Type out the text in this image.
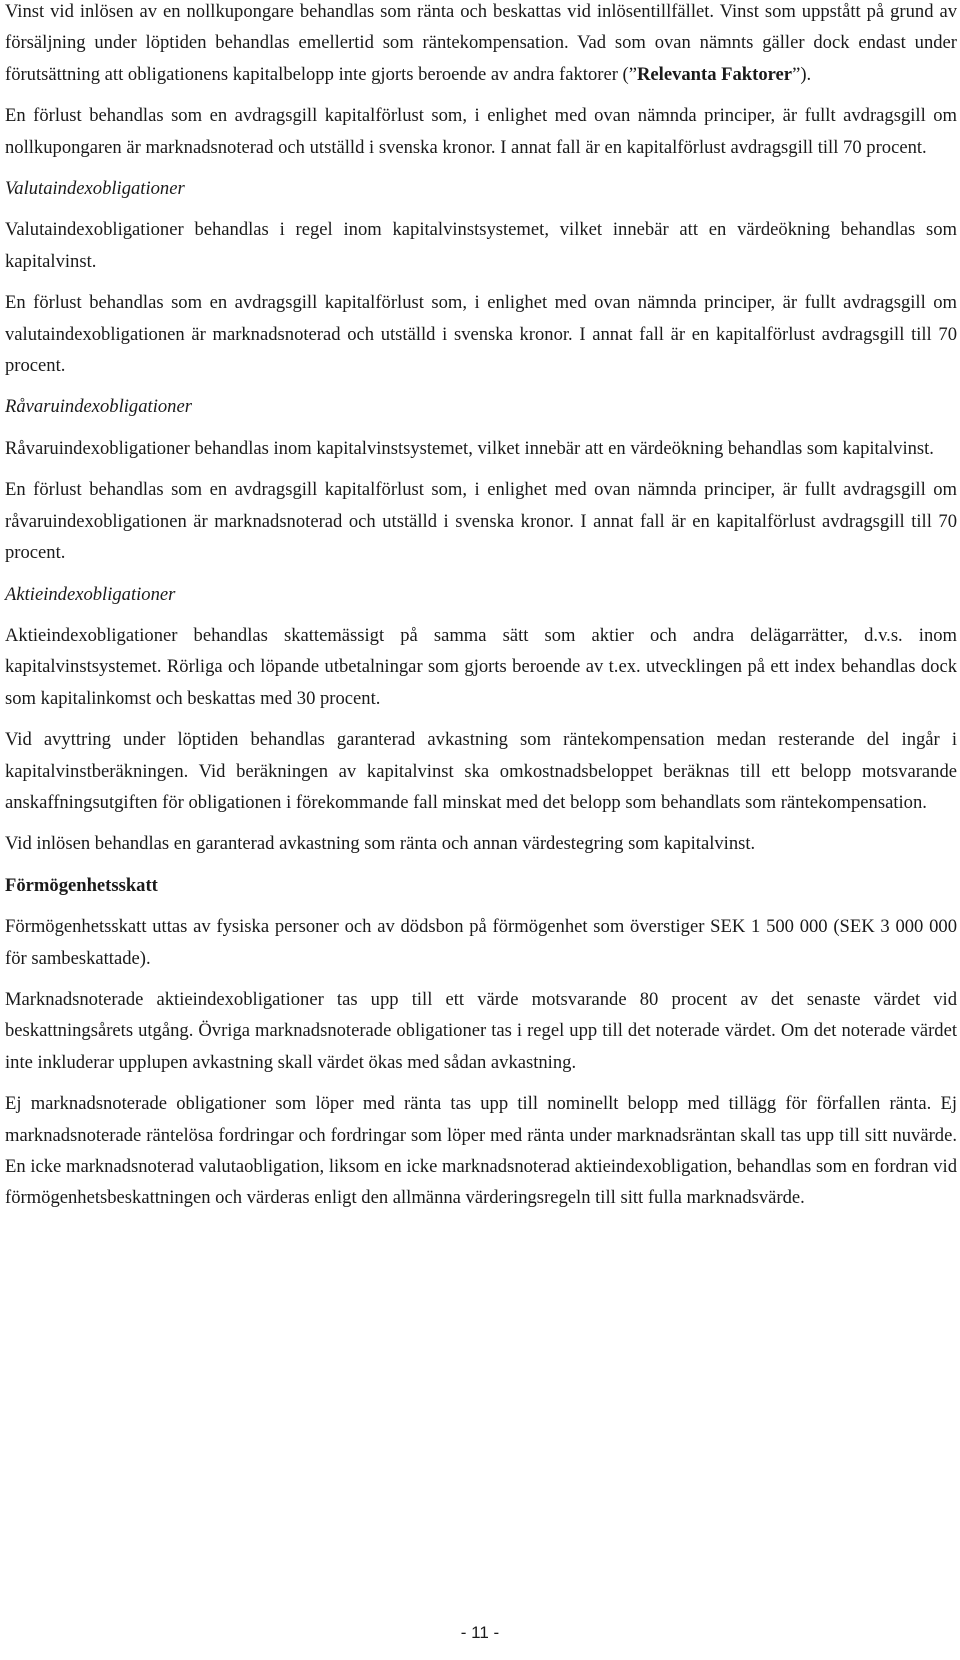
Vinst vid inlösen av en nollkupongare behandlas som ränta och beskattas vid inlösentillfället. Vinst som uppstått på grund av försäljning under löptiden behandlas emellertid som räntekompensation. Vad som ovan nämnts gäller dock endast under förutsättning att obligationens kapitalbelopp inte gjorts beroende av andra faktorer (”Relevanta Faktorer”).

En förlust behandlas som en avdragsgill kapitalförlust som, i enlighet med ovan nämnda principer, är fullt avdragsgill om nollkupongaren är marknadsnoterad och utställd i svenska kronor. I annat fall är en kapitalförlust avdragsgill till 70 procent.

Valutaindexobligationer

Valutaindexobligationer behandlas i regel inom kapitalvinstsystemet, vilket innebär att en värdeökning behandlas som kapitalvinst.

En förlust behandlas som en avdragsgill kapitalförlust som, i enlighet med ovan nämnda principer, är fullt avdragsgill om valutaindexobligationen är marknadsnoterad och utställd i svenska kronor. I annat fall är en kapitalförlust avdragsgill till 70 procent.

Råvaruindexobligationer

Råvaruindexobligationer behandlas inom kapitalvinstsystemet, vilket innebär att en värdeökning behandlas som kapitalvinst.

En förlust behandlas som en avdragsgill kapitalförlust som, i enlighet med ovan nämnda principer, är fullt avdragsgill om råvaruindexobligationen är marknadsnoterad och utställd i svenska kronor. I annat fall är en kapitalförlust avdragsgill till 70 procent.

Aktieindexobligationer

Aktieindexobligationer behandlas skattemässigt på samma sätt som aktier och andra delägarrätter, d.v.s. inom kapitalvinstsystemet. Rörliga och löpande utbetalningar som gjorts beroende av t.ex. utvecklingen på ett index behandlas dock som kapitalinkomst och beskattas med 30 procent.

Vid avyttring under löptiden behandlas garanterad avkastning som räntekompensation medan resterande del ingår i kapitalvinstberäkningen. Vid beräkningen av kapitalvinst ska omkostnadsbeloppet beräknas till ett belopp motsvarande anskaffningsutgiften för obligationen i förekommande fall minskat med det belopp som behandlats som räntekompensation.

Vid inlösen behandlas en garanterad avkastning som ränta och annan värdestegring som kapitalvinst.

Förmögenhetsskatt

Förmögenhetsskatt uttas av fysiska personer och av dödsbon på förmögenhet som överstiger SEK 1 500 000 (SEK 3 000 000 för sambeskattade).

Marknadsnoterade aktieindexobligationer tas upp till ett värde motsvarande 80 procent av det senaste värdet vid beskattningsårets utgång. Övriga marknadsnoterade obligationer tas i regel upp till det noterade värdet. Om det noterade värdet inte inkluderar upplupen avkastning skall värdet ökas med sådan avkastning.

Ej marknadsnoterade obligationer som löper med ränta tas upp till nominellt belopp med tillägg för förfallen ränta. Ej marknadsnoterade räntelösa fordringar och fordringar som löper med ränta under marknadsräntan skall tas upp till sitt nuvärde. En icke marknadsnoterad valutaobligation, liksom en icke marknadsnoterad aktieindexobligation, behandlas som en fordran vid förmögenhetsbeskattningen och värderas enligt den allmänna värderingsregeln till sitt fulla marknadsvärde.

- 11 -
